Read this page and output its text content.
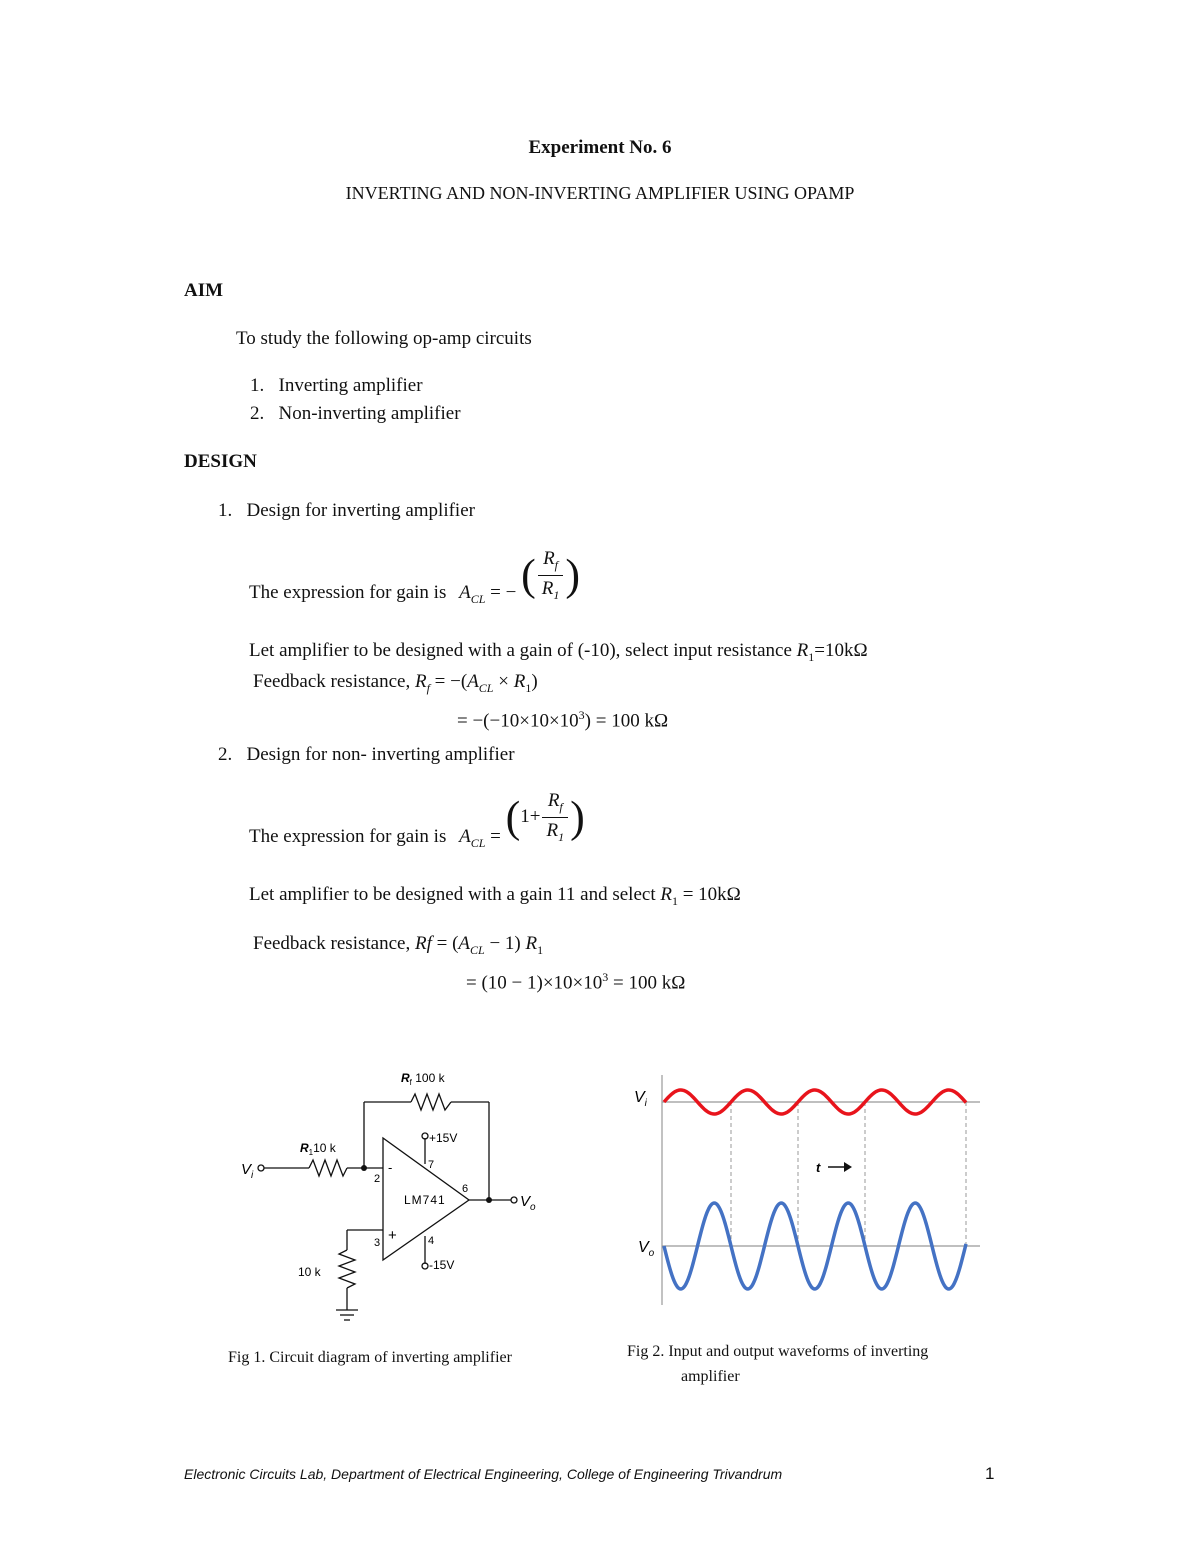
Experiment No. 6
INVERTING AND NON-INVERTING AMPLIFIER USING OPAMP
AIM
To study the following op-amp circuits
1.   Inverting amplifier
2.   Non-inverting amplifier
DESIGN
1.   Design for inverting amplifier
The expression for gain is $A_{CL}$ = − ( $\frac{R_f}{R_1}$ )
Let amplifier to be designed with a gain of (-10), select input resistance $R_1=10k\Omega$
Feedback resistance, $R_f = -(A_{CL} \times R_1)$
= $-(-10\times 10\times 10^3) = 100$ kΩ
2.   Design for non- inverting amplifier
The expression for gain is $A_{CL} = (1+ \frac{R_f}{R_1}$ )
Let amplifier to be designed with a gain 11 and select $R_1 = 10k\Omega$
Feedback resistance, $Rf = (A_{CL} - 1)$ $R_1$
= $(10 - 1)\times 10\times 10^3 = 100$ kΩ
$V_i$
$V_o$
$R_110$ k
$R_f$ 100 k
10 k
+15V
-15V
LM741
-
+
2
3	4
6
7
Fig 1. Circuit diagram of inverting amplifier
$V_i$
$V_o$
t
Fig 2. Input and output waveforms of inverting
amplifier
Electronic Circuits Lab, Department of Electrical Engineering, College of Engineering Trivandrum	1
